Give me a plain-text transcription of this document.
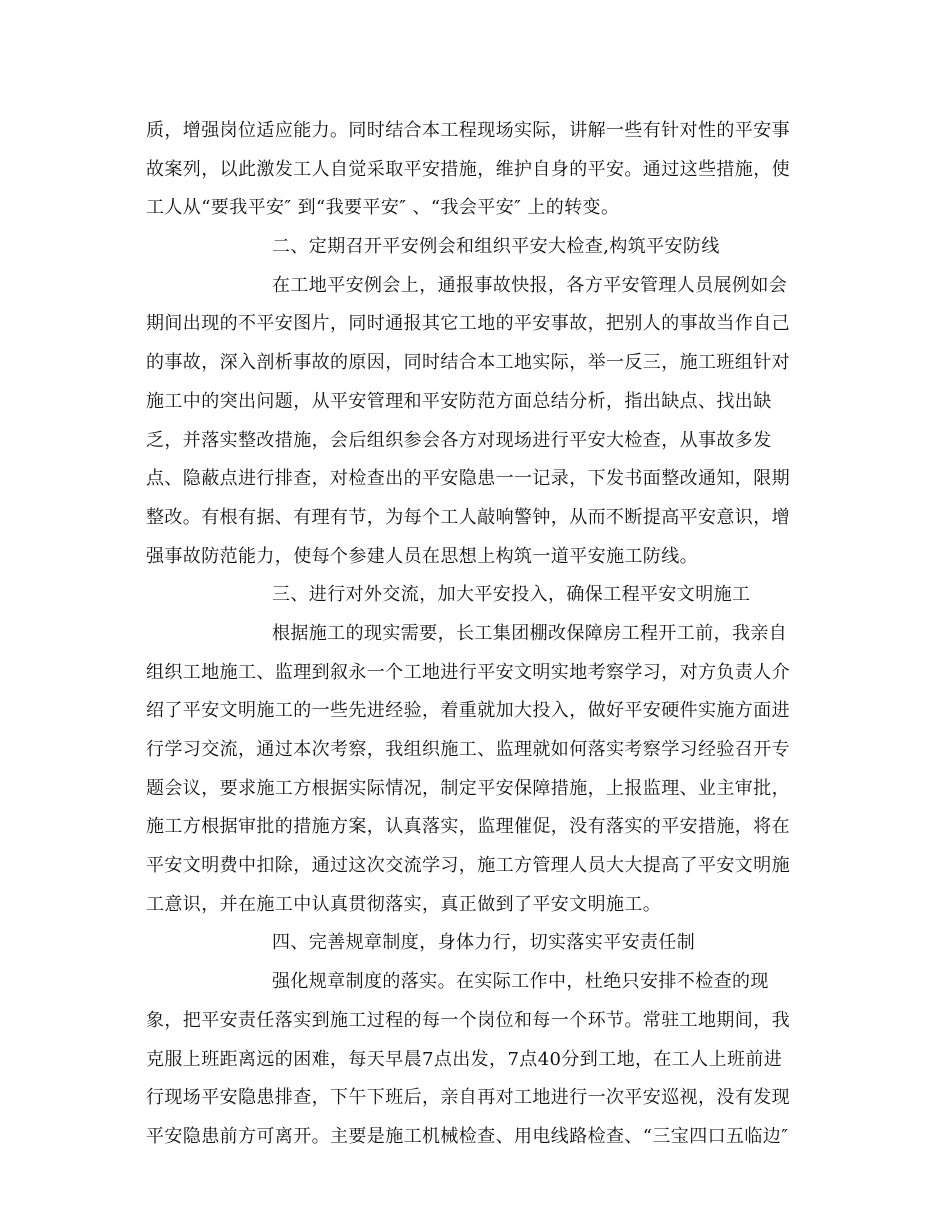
质，增强岗位适应能力。同时结合本工程现场实际，讲解一些有针对性的平安事
故案列，以此激发工人自觉采取平安措施，维护自身的平安。通过这些措施，使
工人从“要我平安″ 到“我要平安″ 、“我会平安″ 上的转变。
二、定期召开平安例会和组织平安大检查,构筑平安防线
在工地平安例会上，通报事故快报，各方平安管理人员展例如会
期间出现的不平安图片，同时通报其它工地的平安事故，把别人的事故当作自己
的事故，深入剖析事故的原因，同时结合本工地实际，举一反三，施工班组针对
施工中的突出问题，从平安管理和平安防范方面总结分析，指出缺点、找出缺
乏，并落实整改措施，会后组织参会各方对现场进行平安大检查，从事故多发
点、隐蔽点进行排查，对检查出的平安隐患一一记录，下发书面整改通知，限期
整改。有根有据、有理有节，为每个工人敲响警钟，从而不断提高平安意识，增
强事故防范能力，使每个参建人员在思想上构筑一道平安施工防线。
三、进行对外交流，加大平安投入，确保工程平安文明施工
根据施工的现实需要，长工集团棚改保障房工程开工前，我亲自
组织工地施工、监理到叙永一个工地进行平安文明实地考察学习，对方负责人介
绍了平安文明施工的一些先进经验，着重就加大投入，做好平安硬件实施方面进
行学习交流，通过本次考察，我组织施工、监理就如何落实考察学习经验召开专
题会议，要求施工方根据实际情况，制定平安保障措施，上报监理、业主审批，
施工方根据审批的措施方案，认真落实，监理催促，没有落实的平安措施，将在
平安文明费中扣除，通过这次交流学习，施工方管理人员大大提高了平安文明施
工意识，并在施工中认真贯彻落实，真正做到了平安文明施工。
四、完善规章制度，身体力行，切实落实平安责任制
强化规章制度的落实。在实际工作中，杜绝只安排不检查的现
象，把平安责任落实到施工过程的每一个岗位和每一个环节。常驻工地期间，我
克服上班距离远的困难，每天早晨7点出发，7点40分到工地，在工人上班前进
行现场平安隐患排查，下午下班后，亲自再对工地进行一次平安巡视，没有发现
平安隐患前方可离开。主要是施工机械检查、用电线路检查、“三宝四口五临边″
